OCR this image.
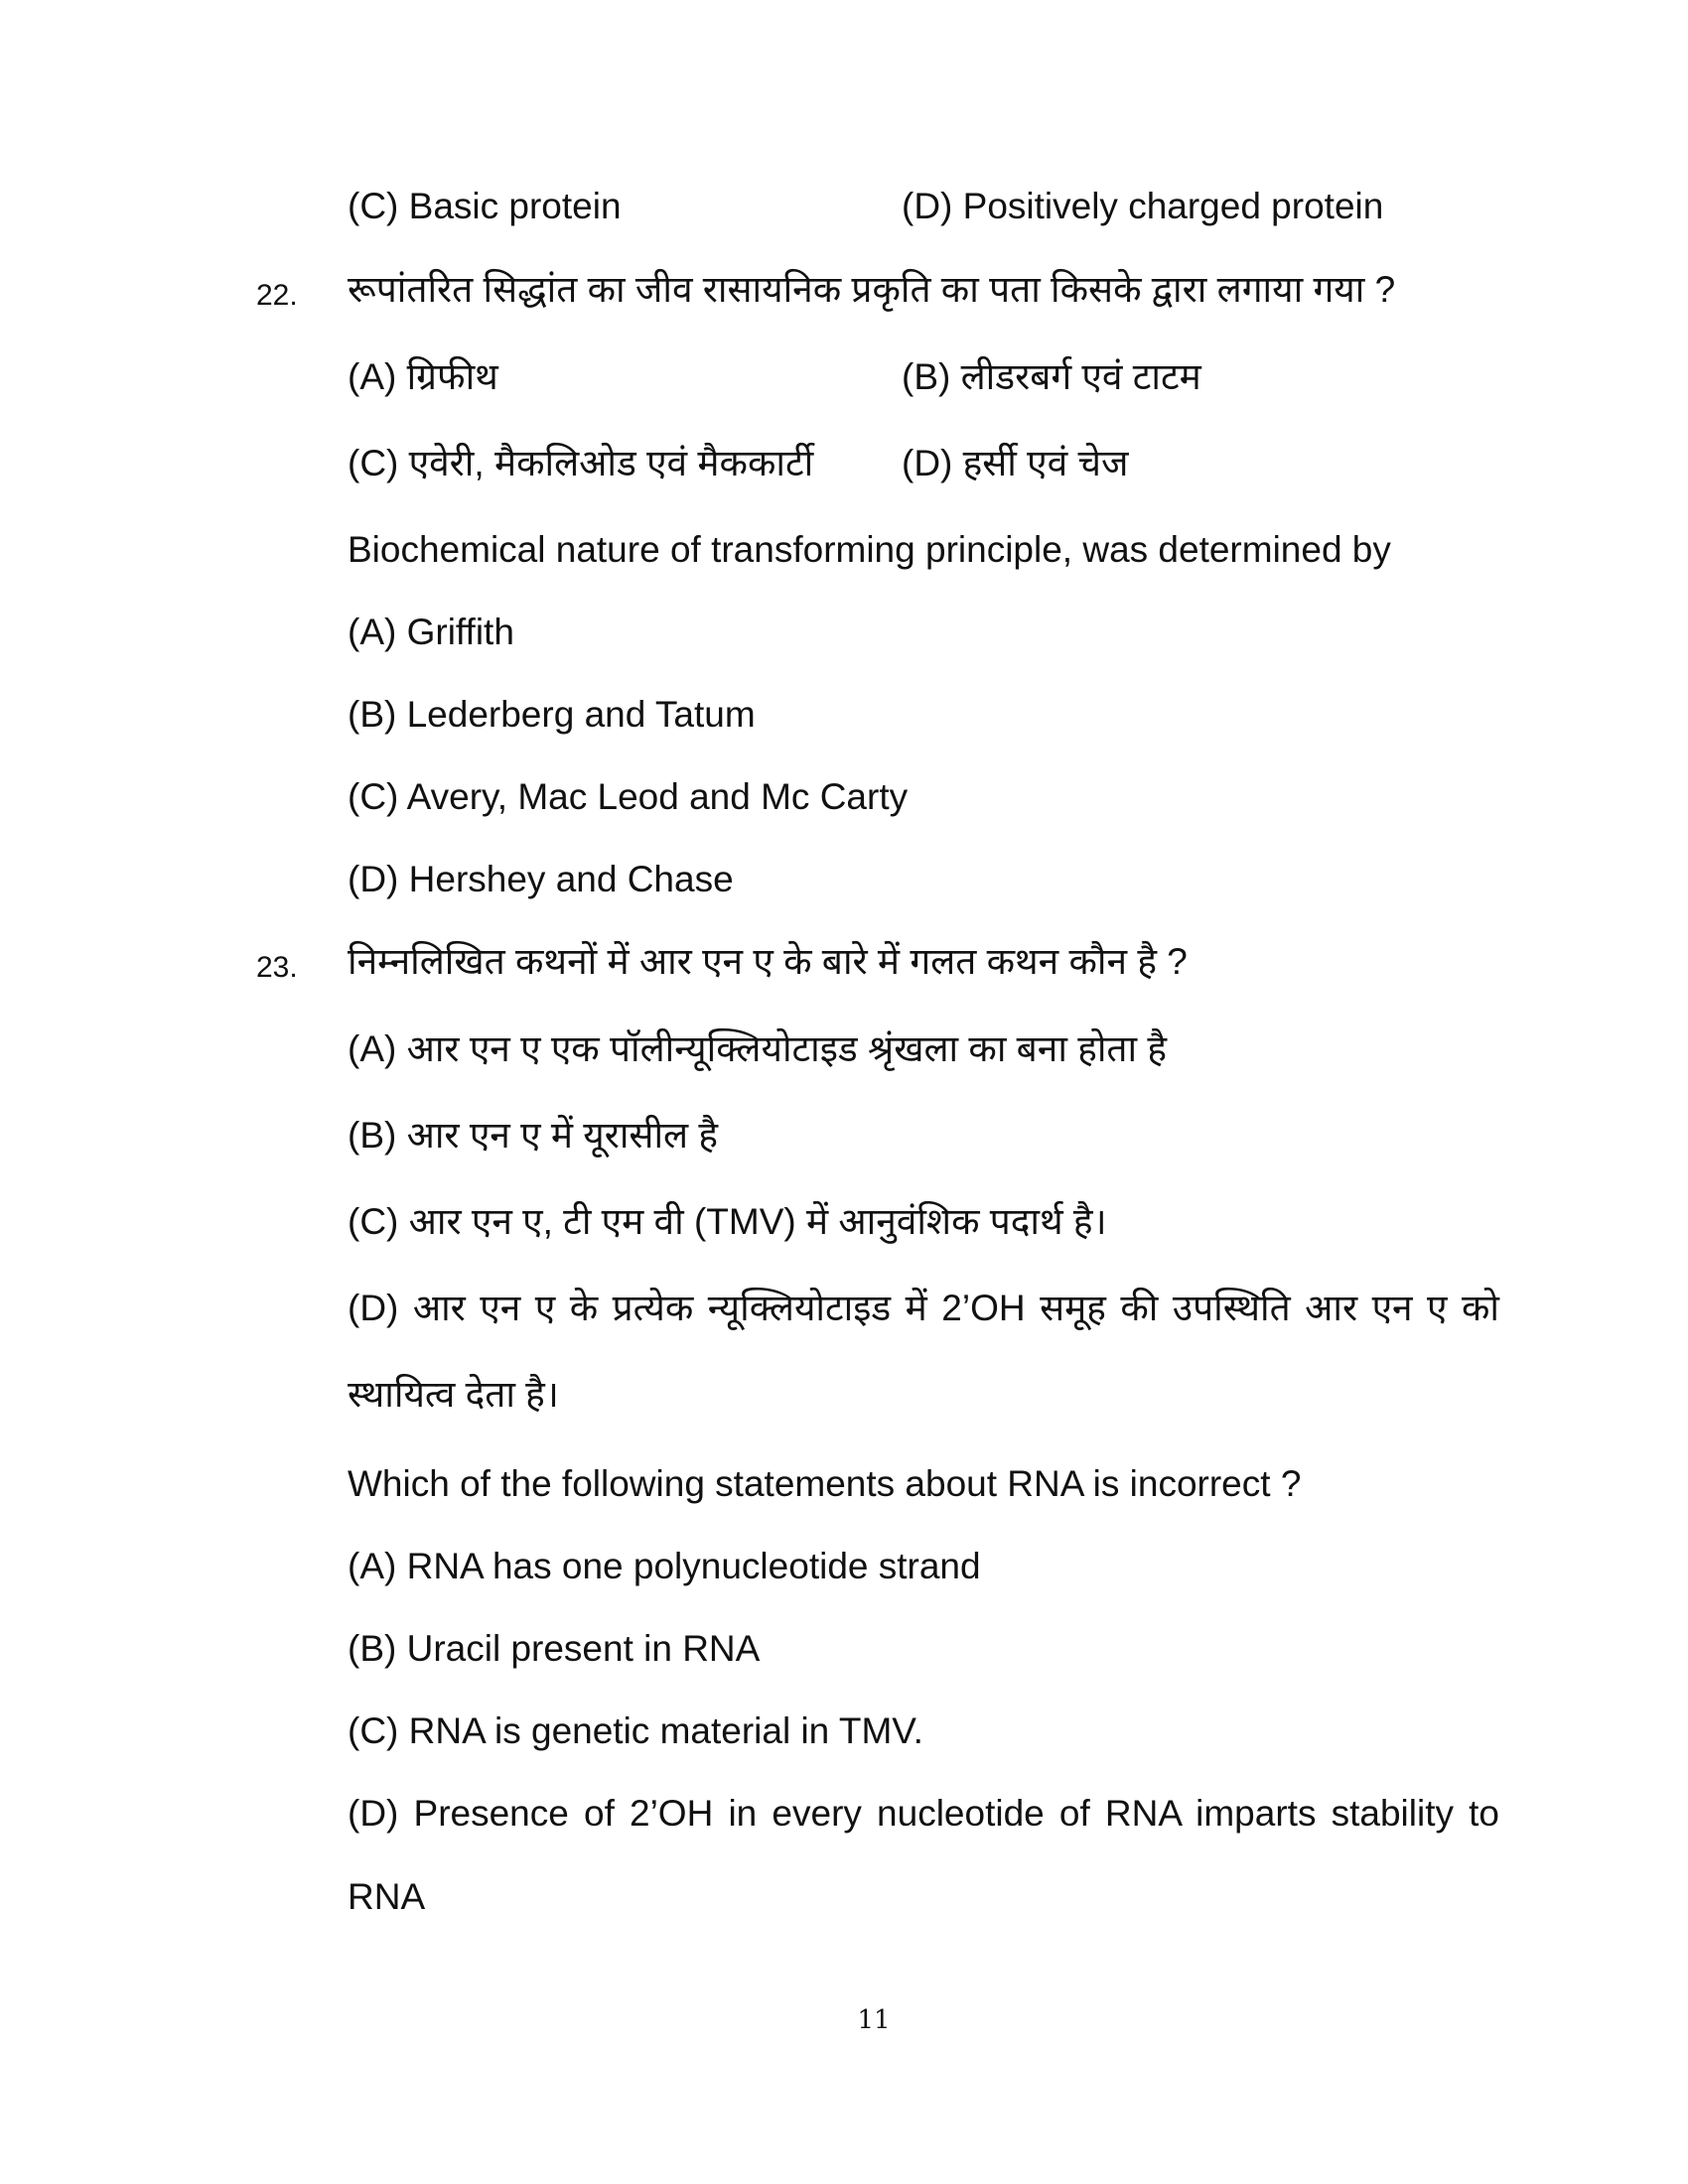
(C) Basic protein	(D) Positively charged protein
22. रूपांतरित सिद्धांत का जीव रासायनिक प्रकृति का पता किसके द्वारा लगाया गया ?
(A) ग्रिफीथ	(B) लीडरबर्ग एवं टाटम
(C) एवेरी, मैकलिओड एवं मैककार्टी (D) हर्सी एवं चेज
Biochemical nature of transforming principle, was determined by
(A) Griffith
(B) Lederberg and Tatum
(C) Avery, Mac Leod and Mc Carty
(D) Hershey and Chase
23. निम्नलिखित कथनों में आर एन ए के बारे में गलत कथन कौन है ?
(A) आर एन ए एक पॉलीन्यूक्लियोटाइड श्रृंखला का बना होता है
(B) आर एन ए में यूरासील है
(C) आर एन ए, टी एम वी (TMV) में आनुवंशिक पदार्थ है।
(D) आर एन ए के प्रत्येक न्यूक्लियोटाइड में 2’OH समूह की उपस्थिति आर एन ए को
स्थायित्व देता है।
Which of the following statements about RNA is incorrect ?
(A) RNA has one polynucleotide strand
(B) Uracil present in RNA
(C) RNA is genetic material in TMV.
(D) Presence of 2’OH in every nucleotide of RNA imparts stability to
RNA
11
